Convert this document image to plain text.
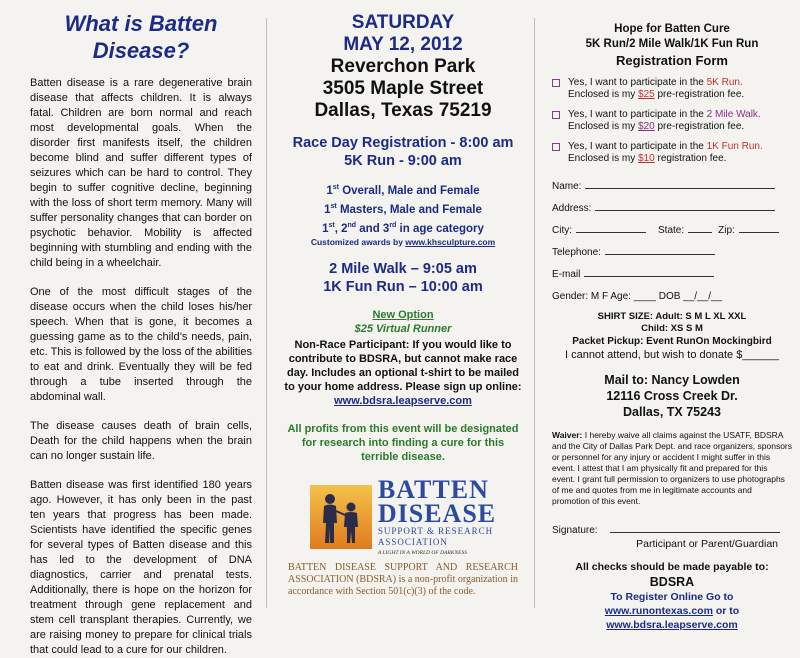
What is Batten
Disease?

Batten disease is a rare degenerative brain disease that affects children. It is always fatal. Children are born normal and reach most developmental goals. When the disorder first manifests itself, the children become blind and suffer different types of seizures which can be hard to control. They begin to suffer cognitive decline, beginning with the loss of short term memory. Many will suffer personality changes that can border on psychotic behavior. Mobility is affected beginning with stumbling and ending with the child being in a wheelchair.

One of the most difficult stages of the disease occurs when the child loses his/her speech. When that is gone, it becomes a guessing game as to the child’s needs, pain, etc. This is followed by the loss of the abilities to eat and drink. Eventually they will be fed through a tube inserted through the abdominal wall.

The disease causes death of brain cells, Death for the child happens when the brain can no longer sustain life.

Batten disease was first identified 180 years ago. However, it has only been in the past ten years that progress has been made. Scientists have identified the specific genes for several types of Batten disease and this has led to the development of DNA diagnostics, carrier and prenatal tests. Additionally, there is hope on the horizon for treatment through gene replacement and stem cell transplant therapies. Currently, we are raising money to prepare for clinical trials that could lead to a cure for our children.

SATURDAY
MAY 12, 2012
Reverchon Park
3505 Maple Street
Dallas, Texas 75219
Race Day Registration - 8:00 am
5K Run - 9:00 am
1st Overall, Male and Female
1st Masters, Male and Female
1st, 2nd and 3rd in age category
Customized awards by www.khsculpture.com
2 Mile Walk – 9:05 am
1K Fun Run – 10:00 am
New Option
$25 Virtual Runner
Non-Race Participant: If you would like to contribute to BDSRA, but cannot make race day. Includes an optional t-shirt to be mailed to your home address. Please sign up online:
www.bdsra.leapserve.com
All profits from this event will be designated for research into finding a cure for this terrible disease.
BATTEN
DISEASE
SUPPORT & RESEARCH
ASSOCIATION
A LIGHT IN A WORLD OF DARKNESS
BATTEN DISEASE SUPPORT AND RESEARCH ASSOCIATION (BDSRA) is a non-profit organization in accordance with Section 501(c)(3) of the code.
Hope for Batten Cure
5K Run/2 Mile Walk/1K Fun Run
Registration Form
Yes, I want to participate in the 5K Run.
Enclosed is my $25 pre-registration fee.
Yes, I want to participate in the 2 Mile Walk.
Enclosed is my $20 pre-registration fee.
Yes, I want to participate in the 1K Fun Run.
Enclosed is my $10 registration fee.
Name:
Address:
City:	State:	Zip:
Telephone:
E-mail
Gender: M F Age: ____ DOB __/__/__
SHIRT SIZE: Adult: S M L XL XXL
Child: XS S M
Packet Pickup: Event RunOn Mockingbird
I cannot attend, but wish to donate $______
Mail to: Nancy Lowden
12116 Cross Creek Dr.
Dallas, TX 75243
Waiver: I hereby waive all claims against the USATF, BDSRA and the City of Dallas Park Dept. and race organizers, sponsors or personnel for any injury or accident I might suffer in this event. I attest that I am physically fit and prepared for this event. I grant full permission to organizers to use photographs of me and quotes from me in legitimate accounts and promotion of this event.
Signature:
Participant or Parent/Guardian
All checks should be made payable to:
BDSRA
To Register Online Go to
www.runontexas.com or to
www.bdsra.leapserve.com
